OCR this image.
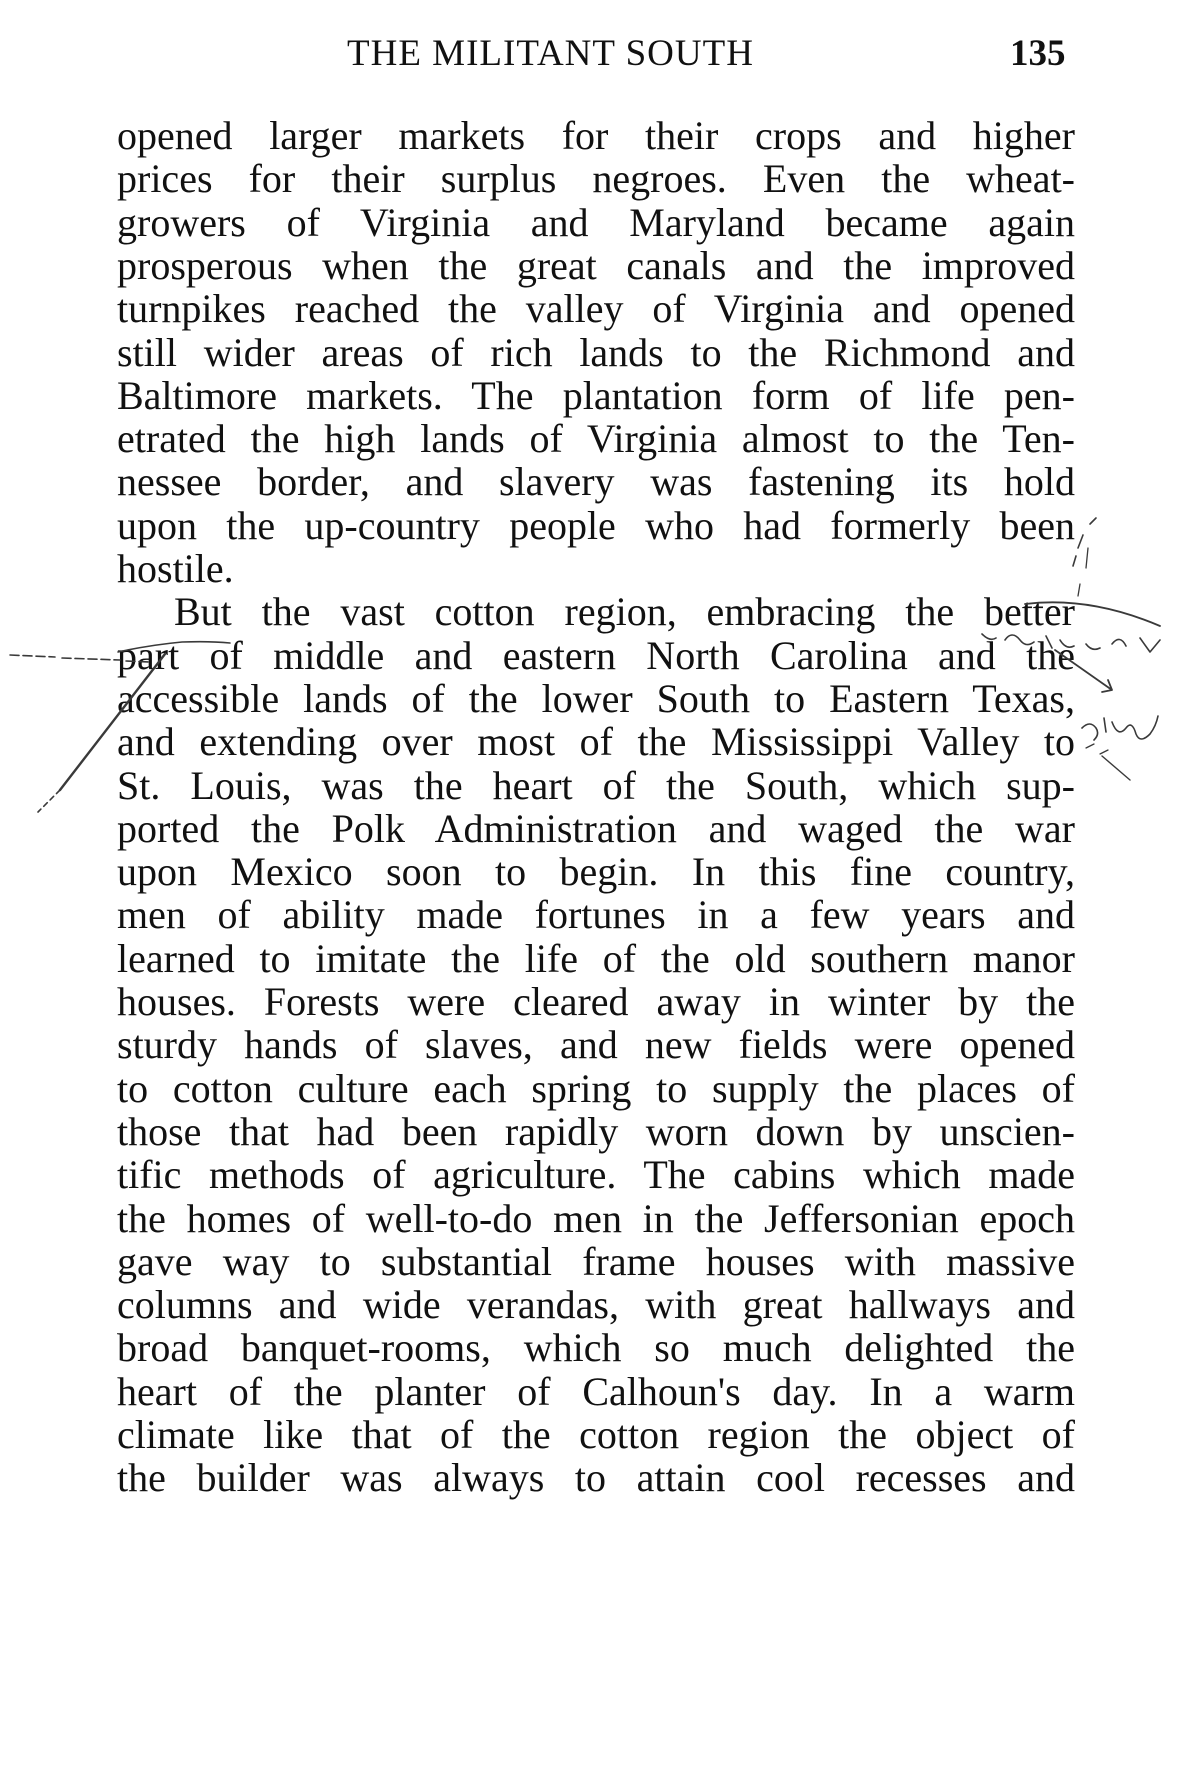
THE MILITANT SOUTH	135
opened larger markets for their crops and higher
prices for their surplus negroes. Even the wheat-
growers of Virginia and Maryland became again
prosperous when the great canals and the improved
turnpikes reached the valley of Virginia and opened
still wider areas of rich lands to the Richmond and
Baltimore markets. The plantation form of life pen-
etrated the high lands of Virginia almost to the Ten-
nessee border, and slavery was fastening its hold
upon the up-country people who had formerly been
hostile.
But the vast cotton region, embracing the better
part of middle and eastern North Carolina and the
accessible lands of the lower South to Eastern Texas,
and extending over most of the Mississippi Valley to
St. Louis, was the heart of the South, which sup-
ported the Polk Administration and waged the war
upon Mexico soon to begin. In this fine country,
men of ability made fortunes in a few years and
learned to imitate the life of the old southern manor
houses. Forests were cleared away in winter by the
sturdy hands of slaves, and new fields were opened
to cotton culture each spring to supply the places of
those that had been rapidly worn down by unscien-
tific methods of agriculture. The cabins which made
the homes of well-to-do men in the Jeffersonian epoch
gave way to substantial frame houses with massive
columns and wide verandas, with great hallways and
broad banquet-rooms, which so much delighted the
heart of the planter of Calhoun's day. In a warm
climate like that of the cotton region the object of
the builder was always to attain cool recesses and
